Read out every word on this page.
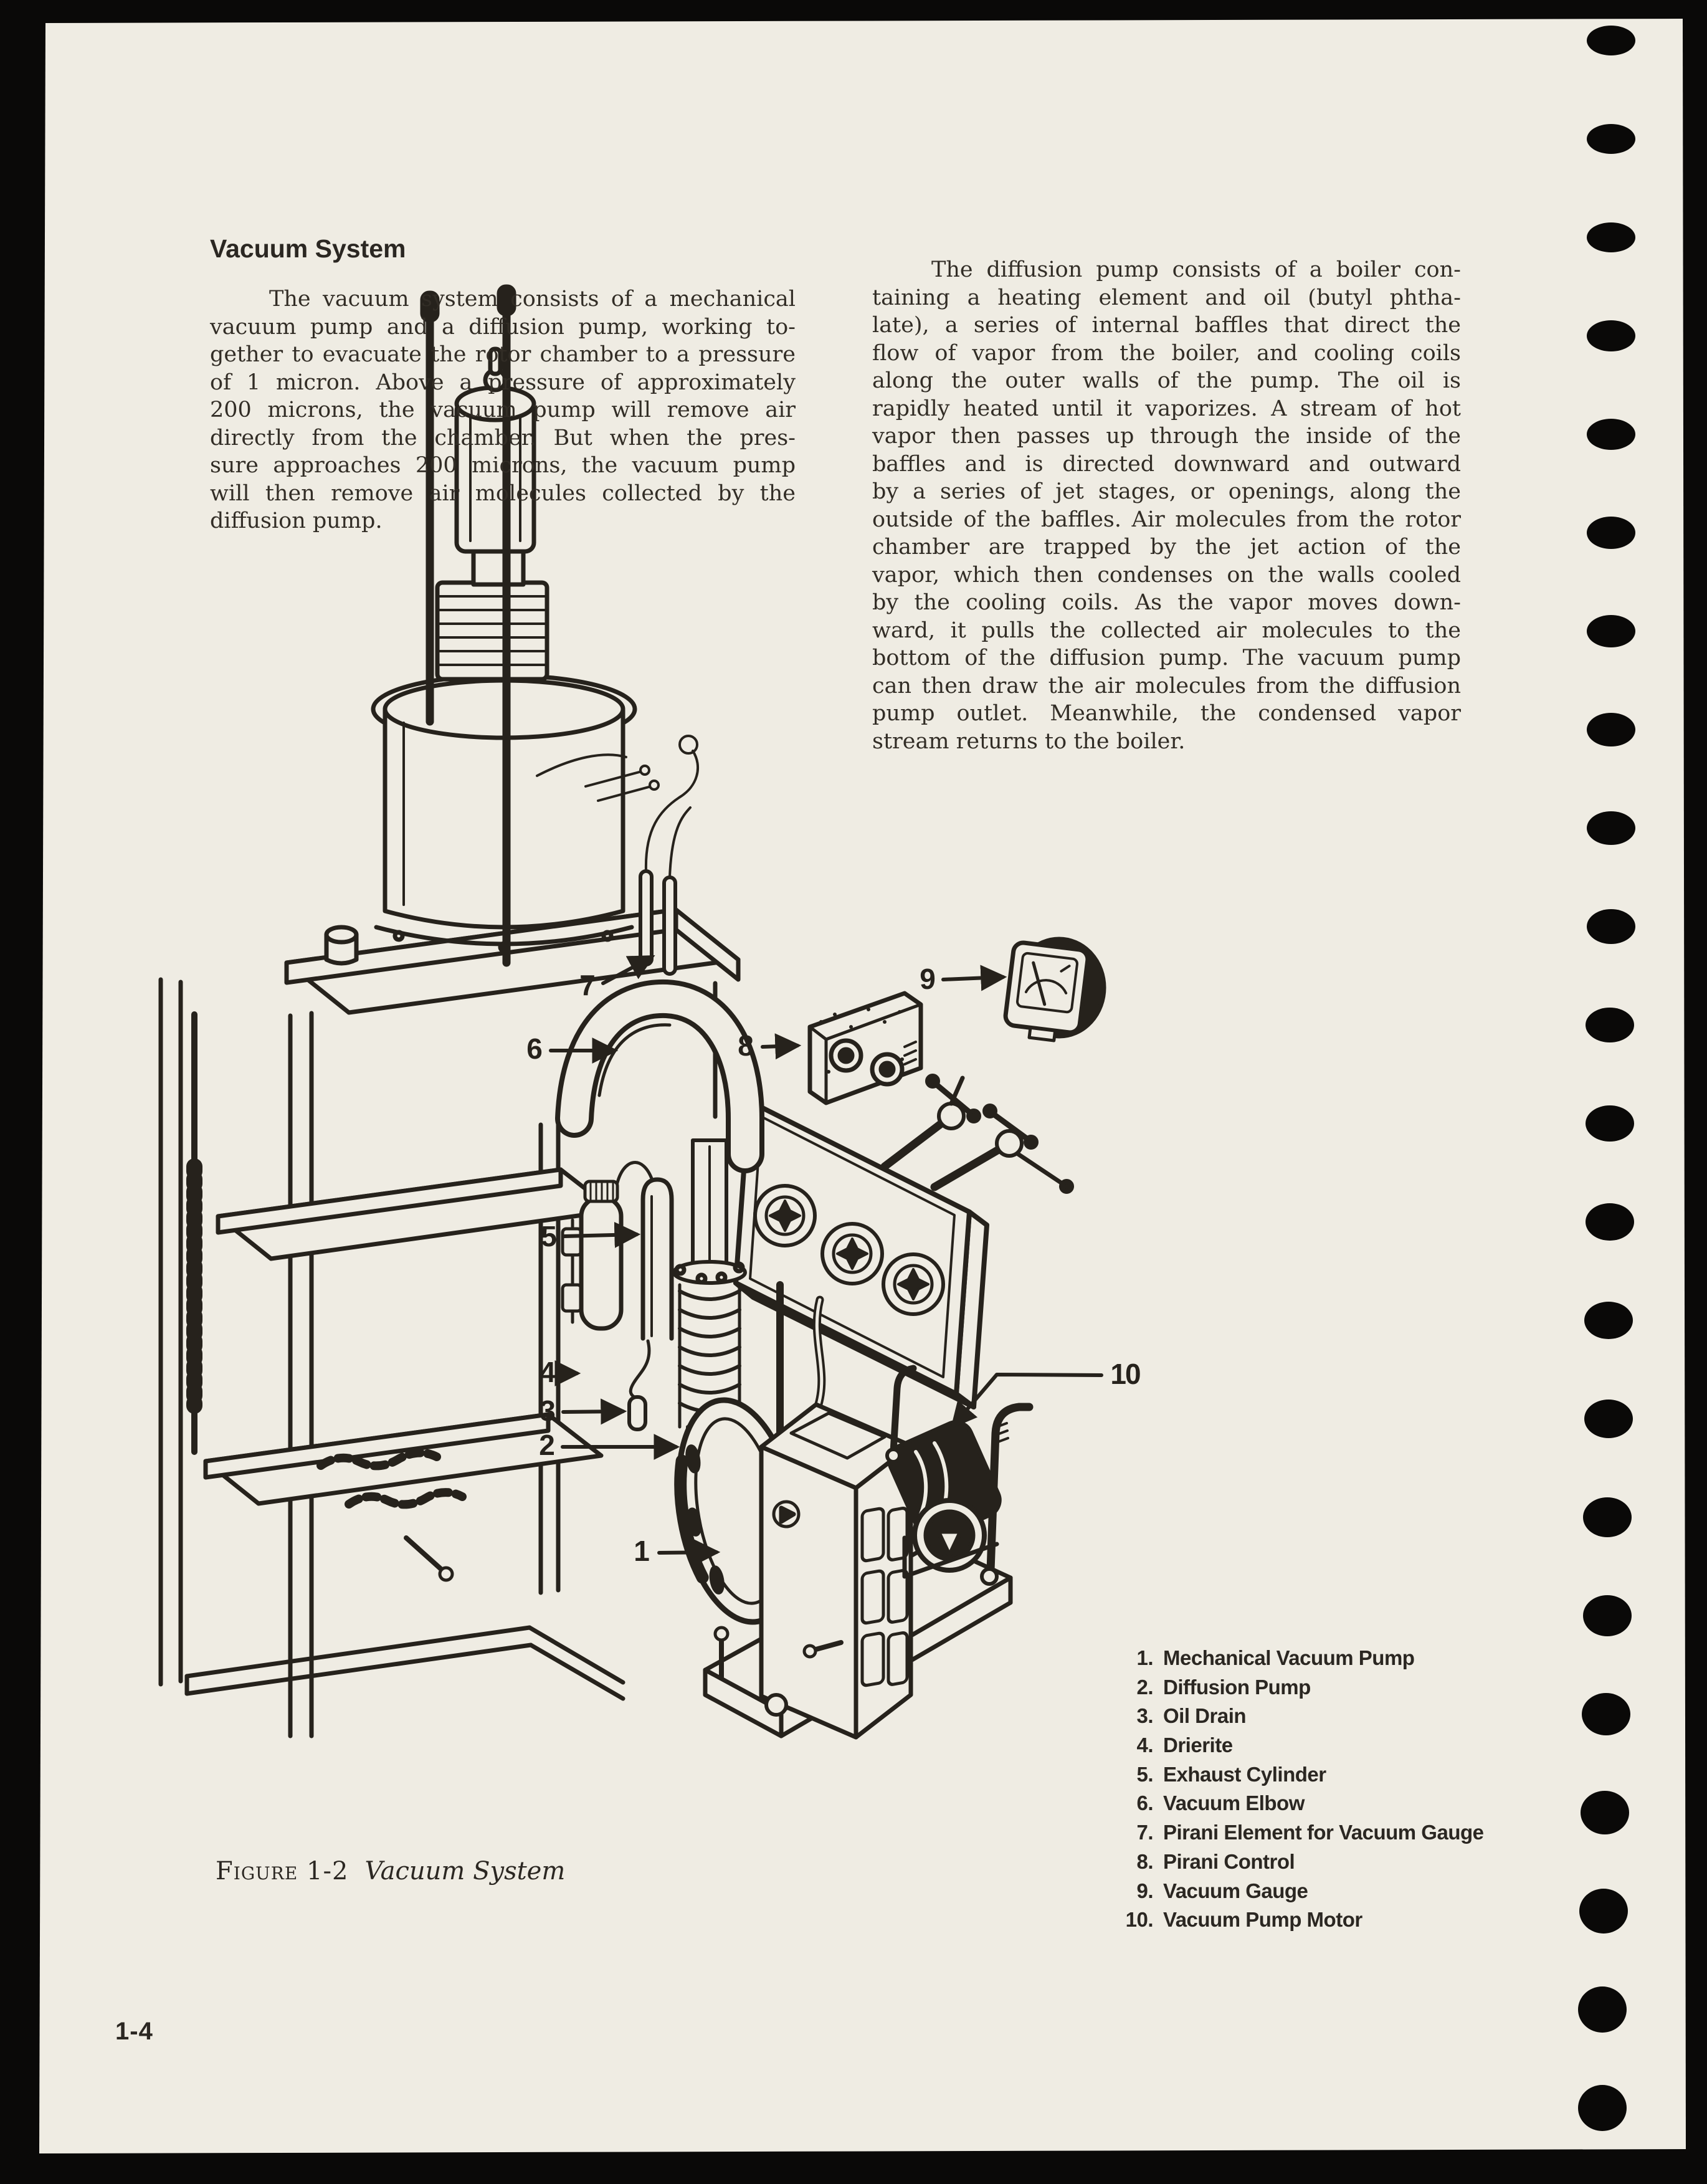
Vacuum System
The vacuum system consists of a mechanical
vacuum pump and a diffusion pump, working to-
gether to evacuate the rotor chamber to a pressure
of 1 micron. Above a pressure of approximately
200 microns, the vacuum pump will remove air
directly from the chamber. But when the pres-
sure approaches 200 microns, the vacuum pump
will then remove air molecules collected by the
diffusion pump.
The diffusion pump consists of a boiler con-
taining a heating element and oil (butyl phtha-
late), a series of internal baffles that direct the
flow of vapor from the boiler, and cooling coils
along the outer walls of the pump. The oil is
rapidly heated until it vaporizes. A stream of hot
vapor then passes up through the inside of the
baffles and is directed downward and outward
by a series of jet stages, or openings, along the
outside of the baffles. Air molecules from the rotor
chamber are trapped by the jet action of the
vapor, which then condenses on the walls cooled
by the cooling coils. As the vapor moves down-
ward, it pulls the collected air molecules to the
bottom of the diffusion pump. The vacuum pump
can then draw the air molecules from the diffusion
pump outlet. Meanwhile, the condensed vapor
stream returns to the boiler.
1
2
3
4
5
6
7
8
9
10
1. Mechanical Vacuum Pump
2. Diffusion Pump
3. Oil Drain
4. Drierite
5. Exhaust Cylinder
6. Vacuum Elbow
7. Pirani Element for Vacuum Gauge
8. Pirani Control
9. Vacuum Gauge
10. Vacuum Pump Motor
Figure 1-2 Vacuum System
1-4
